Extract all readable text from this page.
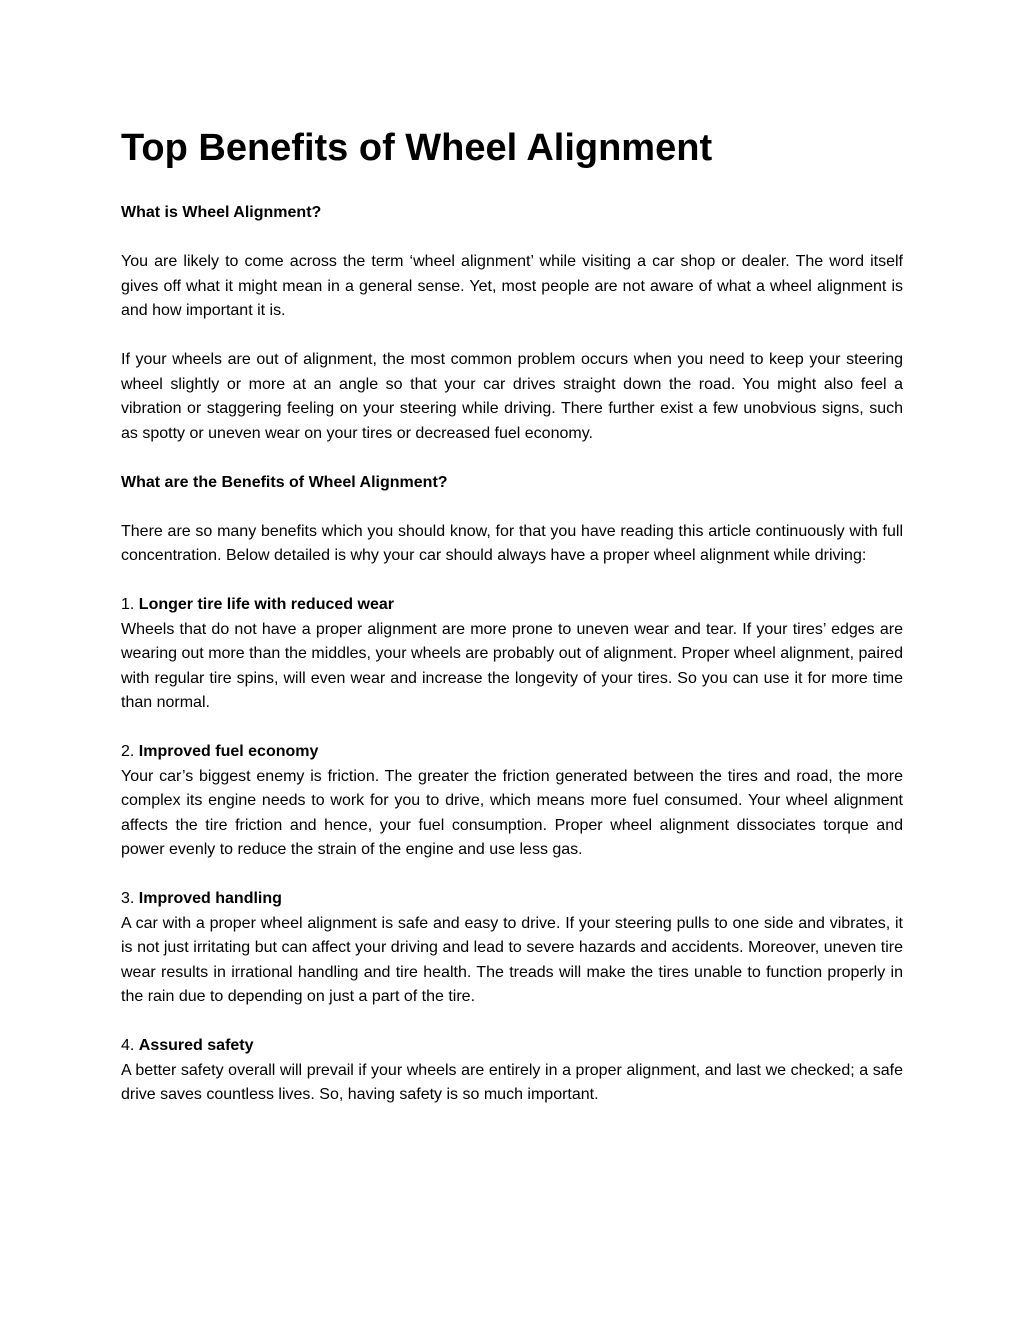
Top Benefits of Wheel Alignment
What is Wheel Alignment?

You are likely to come across the term ‘wheel alignment’ while visiting a car shop or dealer. The word itself gives off what it might mean in a general sense. Yet, most people are not aware of what a wheel alignment is and how important it is.

If your wheels are out of alignment, the most common problem occurs when you need to keep your steering wheel slightly or more at an angle so that your car drives straight down the road. You might also feel a vibration or staggering feeling on your steering while driving. There further exist a few unobvious signs, such as spotty or uneven wear on your tires or decreased fuel economy.

What are the Benefits of Wheel Alignment?

There are so many benefits which you should know, for that you have reading this article continuously with full concentration. Below detailed is why your car should always have a proper wheel alignment while driving:

1. Longer tire life with reduced wear

Wheels that do not have a proper alignment are more prone to uneven wear and tear. If your tires’ edges are wearing out more than the middles, your wheels are probably out of alignment. Proper wheel alignment, paired with regular tire spins, will even wear and increase the longevity of your tires. So you can use it for more time than normal.

2. Improved fuel economy

Your car’s biggest enemy is friction. The greater the friction generated between the tires and road, the more complex its engine needs to work for you to drive, which means more fuel consumed. Your wheel alignment affects the tire friction and hence, your fuel consumption. Proper wheel alignment dissociates torque and power evenly to reduce the strain of the engine and use less gas.

3. Improved handling

A car with a proper wheel alignment is safe and easy to drive. If your steering pulls to one side and vibrates, it is not just irritating but can affect your driving and lead to severe hazards and accidents. Moreover, uneven tire wear results in irrational handling and tire health. The treads will make the tires unable to function properly in the rain due to depending on just a part of the tire.

4. Assured safety

A better safety overall will prevail if your wheels are entirely in a proper alignment, and last we checked; a safe drive saves countless lives. So, having safety is so much important.
